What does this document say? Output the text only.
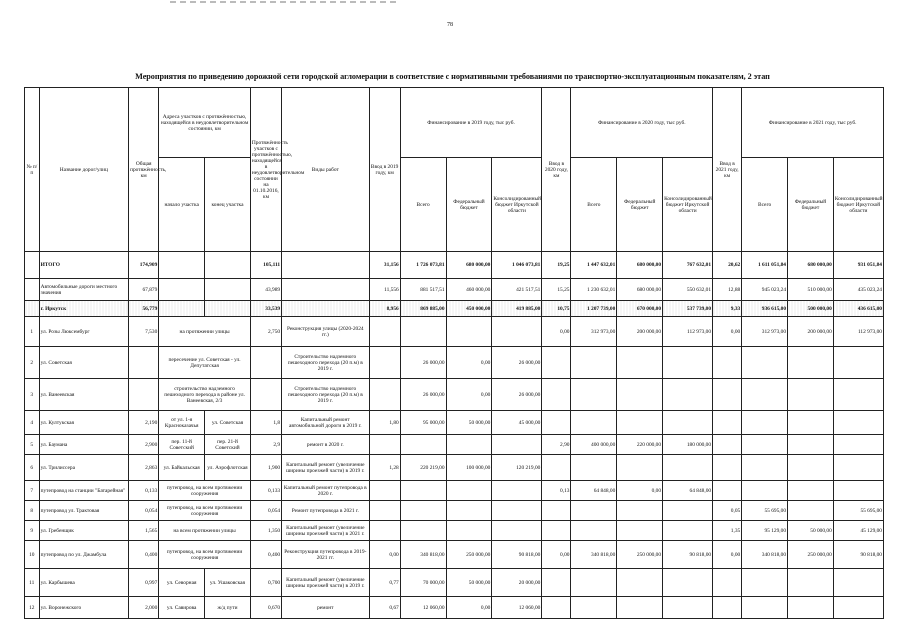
78
Мероприятия по приведению дорожной сети городской агломерации в соответствие с нормативными требованиями по транспортно-эксплуатационным показателям, 2 этап
№ п/п	Название дорог/улиц	Общая протяжённость, км	Адреса участков с протяжённостью, находящейся в неудовлетворительном состоянии, км		Протяжённость участков с протяжённостью, находящейся в неудовлетворительном состоянии на 01.10.2016, км	Виды работ	Ввод в 2019 году, км	Финансирование в 2019 году, тыс руб.			Ввод в 2020 году, км	Финансирование в 2020 году, тыс руб.			Ввод в 2021 году, км	Финансирование в 2021 году, тыс руб.		
			начало участка	конец участка				Всего	Федеральный бюджет	Консолидированный бюджет Иркутской области		Всего	Федеральный бюджет	Консолидированный бюджет Иркутской области		Всего	Федеральный бюджет	Консолидированный бюджет Иркутской области
	ИТОГО	174,909			105,111		31,156	1 726 073,81	680 000,00	1 046 073,81	19,25	1 447 632,01	680 000,00	767 632,01	20,62	1 611 051,84	680 000,00	931 051,84
	Автомобильные дороги местного значения	67,879			43,989		11,556	881 517,51	460 000,00	421 517,51	15,25	1 230 632,01	680 000,00	550 632,01	12,88	945 023,24	510 000,00	435 023,24
	г. Иркутск	56,779			33,539		8,956	869 885,00	450 000,00	419 885,00	10,75	1 207 739,00	670 000,00	537 739,00	9,33	936 615,00	500 000,00	436 615,00
1	ул. Розы Люксембург	7,530	на протяжении улицы		2,750	Реконструкция улицы (2020-2024 гг.)					0,00	312 973,00	200 000,00	112 973,00	0,00	312 973,00	200 000,00	112 973,00
2	ул. Советская		пересечение ул. Советская - ул. Депутатская			Строительство надземного пешеходного перехода (20 п.м) в 2019 г.		26 000,00	0,00	26 000,00								
3	ул. Ванеевская		строительство надземного пешеходного перехода в районе ул. Ванеевская, 2/3			Строительство надземного пешеходного перехода (20 п.м) в 2019 г.		26 000,00	0,00	26 000,00								
4	ул. Култукская	2,190	от ул. 1-я Красноказачья	ул. Советская	1,8	Капитальный ремонт автомобильной дороги в 2019 г.	1,80	95 000,00	50 000,00	45 000,00								
5	ул. Баумана	2,900	пер. 11-й Советский	пер. 21-й Советский	2,9	ремонт в 2020 г.					2,90	400 000,00	220 000,00	180 000,00				
6	ул. Трилиссера	2,863	ул. Байкальская	ул. Аэрофлотская	1,900	Капитальный ремонт (увеличение ширины проезжей части) в 2019 г.	1,28	220 219,00	100 000,00	120 219,00								
7	путепровод на станции "Батарейная"	0,133	путепровод, на всем протяжении сооружения		0,133	Капитальный ремонт путепровода в 2020 г.					0,13	64 848,00	0,00	64 848,00				
8	путепровод ул. Трактовая	0,054	путепровод, на всем протяжении сооружения		0,054	Ремонт путепровода в 2021 г.									0,05	55 695,00		55 695,00
9	ул. Гребенщик	1,565	на всем протяжении улицы		1,350	Капитальный ремонт (увеличение ширины проезжей части) в 2021 г.									1,35	95 129,00	50 000,00	45 129,00
10	путепровод по ул. Джамбула	0,400	путепровод, на всем протяжении сооружения		0,400	Реконструкция путепровода в 2019-2021 гг.	0,00	340 818,00	250 000,00	90 818,00	0,00	340 818,00	250 000,00	90 818,00	0,00	340 818,00	250 000,00	90 818,00
11	ул. Карбышева	0,997	ул. Севорная	ул. Ушаковская	0,700	Капитальный ремонт (увеличение ширины проезжей части) в 2019 г.	0,77	70 000,00	50 000,00	20 000,00								
12	ул. Воронежского	2,000	ул. Савирова	ж/д пути	0,670	ремонт	0,67	12 060,00	0,00	12 060,00								
